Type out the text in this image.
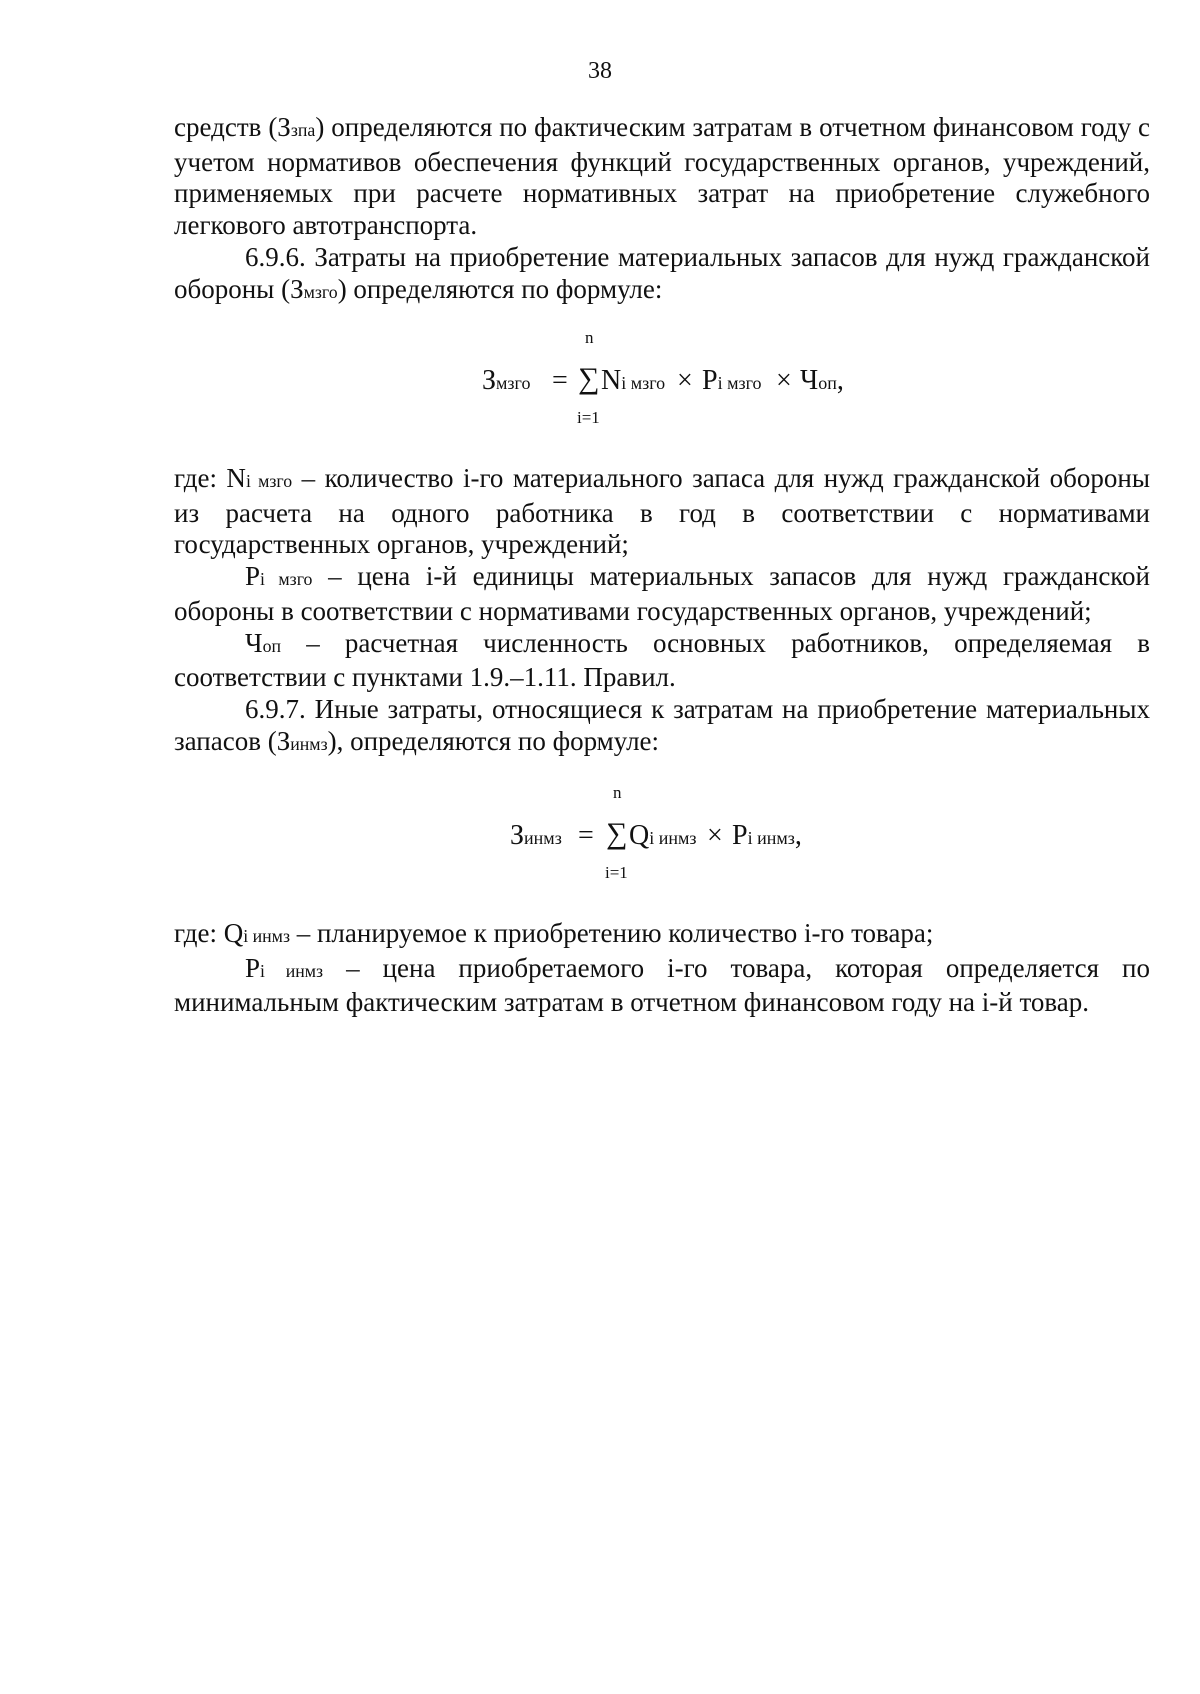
38

средств (Ззпа) определяются по фактическим затратам в отчетном финансовом году с учетом нормативов обеспечения функций государственных органов, учреждений, применяемых при расчете нормативных затрат на приобретение служебного легкового автотранспорта.

6.9.6. Затраты на приобретение материальных запасов для нужд гражданской обороны (Змзго) определяются по формуле:

Змзго =
n
∑
i=1
Ni мзго × Pi мзго × Чоп,

где: Ni мзго – количество i-го материального запаса для нужд гражданской обороны из расчета на одного работника в год в соответствии с нормативами государственных органов, учреждений;

Pi мзго – цена i-й единицы материальных запасов для нужд гражданской обороны в соответствии с нормативами государственных органов, учреждений;

Чоп – расчетная численность основных работников, определяемая в соответствии с пунктами 1.9.–1.11. Правил.

6.9.7. Иные затраты, относящиеся к затратам на приобретение материальных запасов (Зинмз), определяются по формуле:

Зинмз =
n
∑
i=1
Qi инмз × Pi инмз,

где: Qi инмз – планируемое к приобретению количество i-го товара;

Pi инмз – цена приобретаемого i-го товара, которая определяется по минимальным фактическим затратам в отчетном финансовом году на i-й товар.
